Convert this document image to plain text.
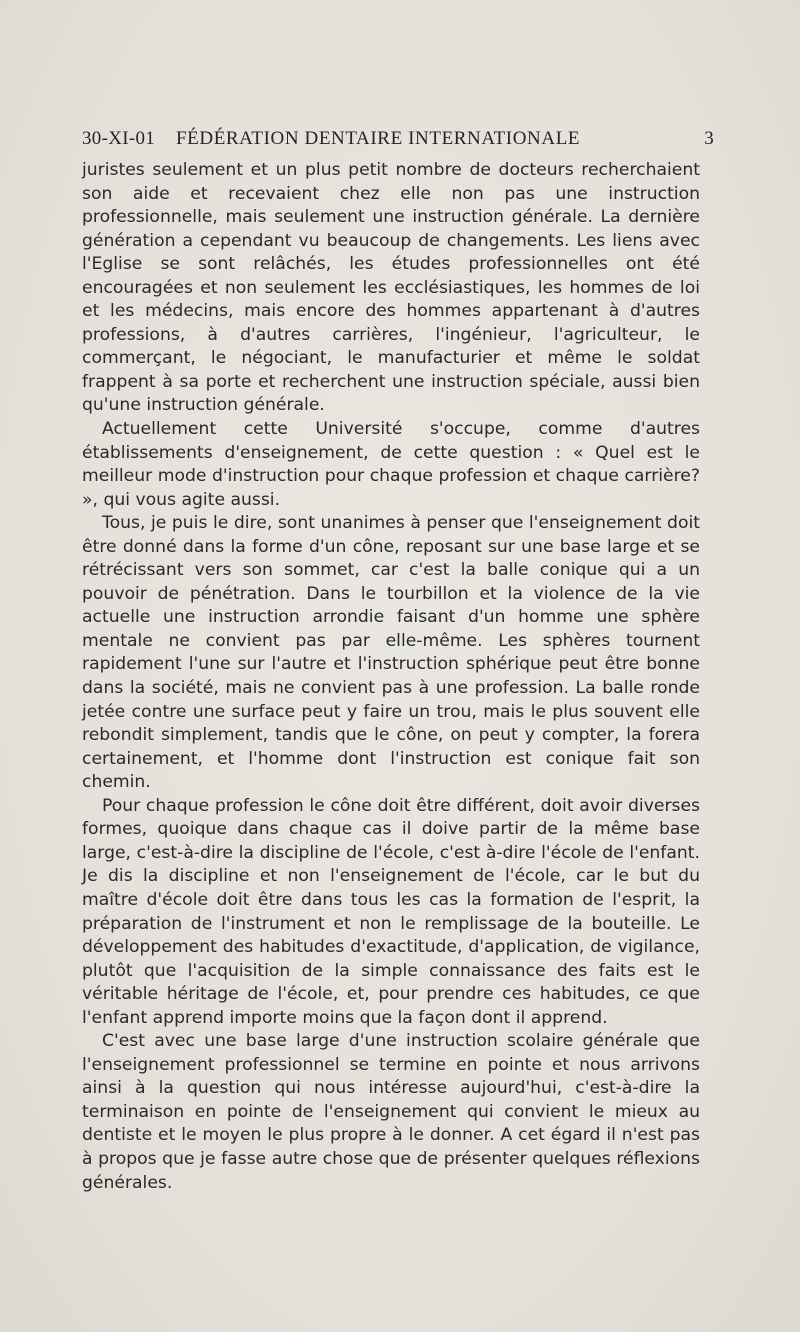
30-XI-01 FÉDÉRATION DENTAIRE INTERNATIONALE	3

juristes seulement et un plus petit nombre de docteurs recherchaient son aide et recevaient chez elle non pas une instruction professionnelle, mais seulement une instruction générale. La dernière génération a cependant vu beaucoup de changements. Les liens avec l'Eglise se sont relâchés, les études professionnelles ont été encouragées et non seulement les ecclésiastiques, les hommes de loi et les médecins, mais encore des hommes appartenant à d'autres professions, à d'autres carrières, l'ingénieur, l'agriculteur, le commerçant, le négociant, le manufacturier et même le soldat frappent à sa porte et recherchent une instruction spéciale, aussi bien qu'une instruction générale.

Actuellement cette Université s'occupe, comme d'autres établissements d'enseignement, de cette question : « Quel est le meilleur mode d'instruction pour chaque profession et chaque carrière? », qui vous agite aussi.

Tous, je puis le dire, sont unanimes à penser que l'enseignement doit être donné dans la forme d'un cône, reposant sur une base large et se rétrécissant vers son sommet, car c'est la balle conique qui a un pouvoir de pénétration. Dans le tourbillon et la violence de la vie actuelle une instruction arrondie faisant d'un homme une sphère mentale ne convient pas par elle-même. Les sphères tournent rapidement l'une sur l'autre et l'instruction sphérique peut être bonne dans la société, mais ne convient pas à une profession. La balle ronde jetée contre une surface peut y faire un trou, mais le plus souvent elle rebondit simplement, tandis que le cône, on peut y compter, la forera certainement, et l'homme dont l'instruction est conique fait son chemin.

Pour chaque profession le cône doit être différent, doit avoir diverses formes, quoique dans chaque cas il doive partir de la même base large, c'est-à-dire la discipline de l'école, c'est à-dire l'école de l'enfant. Je dis la discipline et non l'enseignement de l'école, car le but du maître d'école doit être dans tous les cas la formation de l'esprit, la préparation de l'instrument et non le remplissage de la bouteille. Le développement des habitudes d'exactitude, d'application, de vigilance, plutôt que l'acquisition de la simple connaissance des faits est le véritable héritage de l'école, et, pour prendre ces habitudes, ce que l'enfant apprend importe moins que la façon dont il apprend.

C'est avec une base large d'une instruction scolaire générale que l'enseignement professionnel se termine en pointe et nous arrivons ainsi à la question qui nous intéresse aujourd'hui, c'est-à-dire la terminaison en pointe de l'enseignement qui convient le mieux au dentiste et le moyen le plus propre à le donner. A cet égard il n'est pas à propos que je fasse autre chose que de présenter quelques réflexions générales.
